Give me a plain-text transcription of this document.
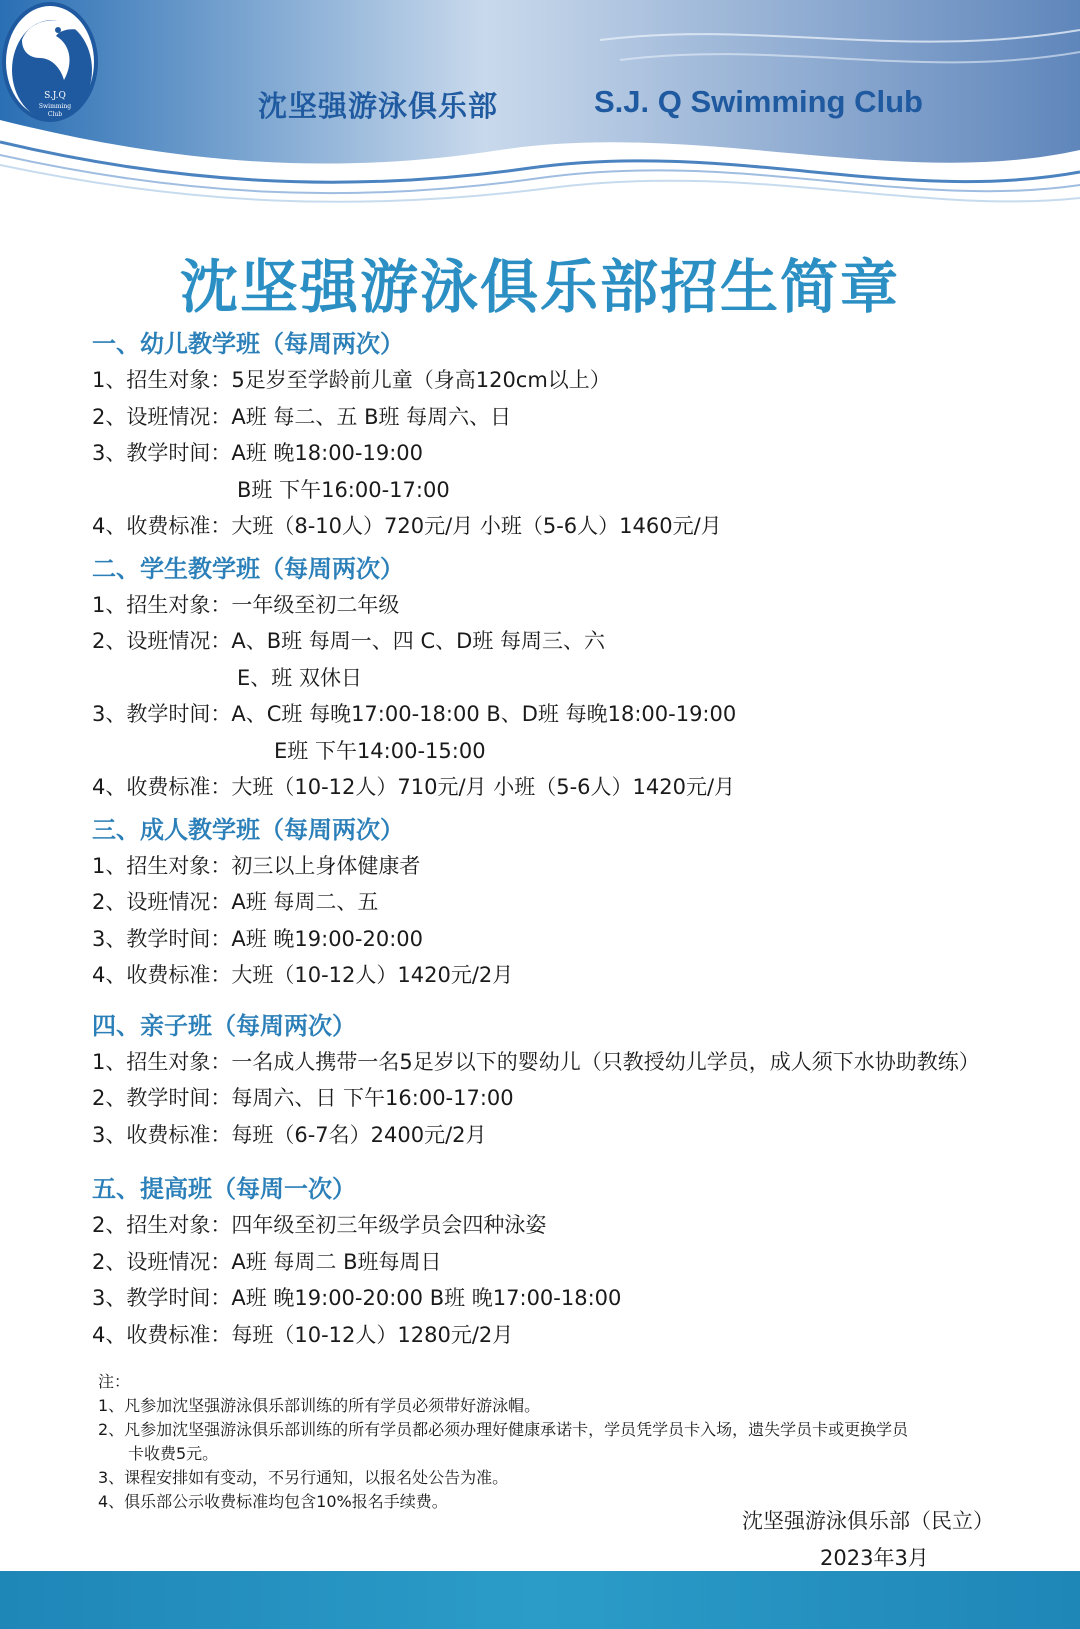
S.J.Q
Swimming
Club	沈坚强游泳俱乐部	S.J. Q Swimming Club
沈坚强游泳俱乐部招生简章
一、幼儿教学班（每周两次）
1、招生对象：5足岁至学龄前儿童（身高120cm以上）
2、设班情况：A班 每二、五 B班 每周六、日
3、教学时间：A班 晚18:00-19:00
B班 下午16:00-17:00
4、收费标准：大班（8-10人）720元/月 小班（5-6人）1460元/月
二、学生教学班（每周两次）
1、招生对象：一年级至初二年级
2、设班情况：A、B班 每周一、四 C、D班 每周三、六
E、班 双休日
3、教学时间：A、C班 每晚17:00-18:00 B、D班 每晚18:00-19:00
E班 下午14:00-15:00
4、收费标准：大班（10-12人）710元/月 小班（5-6人）1420元/月
三、成人教学班（每周两次）
1、招生对象：初三以上身体健康者
2、设班情况：A班 每周二、五
3、教学时间：A班 晚19:00-20:00
4、收费标准：大班（10-12人）1420元/2月
四、亲子班（每周两次）
1、招生对象：一名成人携带一名5足岁以下的婴幼儿（只教授幼儿学员，成人须下水协助教练）
2、教学时间：每周六、日 下午16:00-17:00
3、收费标准：每班（6-7名）2400元/2月
五、提高班（每周一次）
2、招生对象：四年级至初三年级学员会四种泳姿
2、设班情况：A班 每周二 B班每周日
3、教学时间：A班 晚19:00-20:00 B班 晚17:00-18:00
4、收费标准：每班（10-12人）1280元/2月
注：
1、凡参加沈坚强游泳俱乐部训练的所有学员必须带好游泳帽。
2、凡参加沈坚强游泳俱乐部训练的所有学员都必须办理好健康承诺卡，学员凭学员卡入场，遗失学员卡或更换学员
卡收费5元。
3、课程安排如有变动，不另行通知，以报名处公告为准。
4、俱乐部公示收费标准均包含10%报名手续费。
沈坚强游泳俱乐部（民立）
2023年3月
